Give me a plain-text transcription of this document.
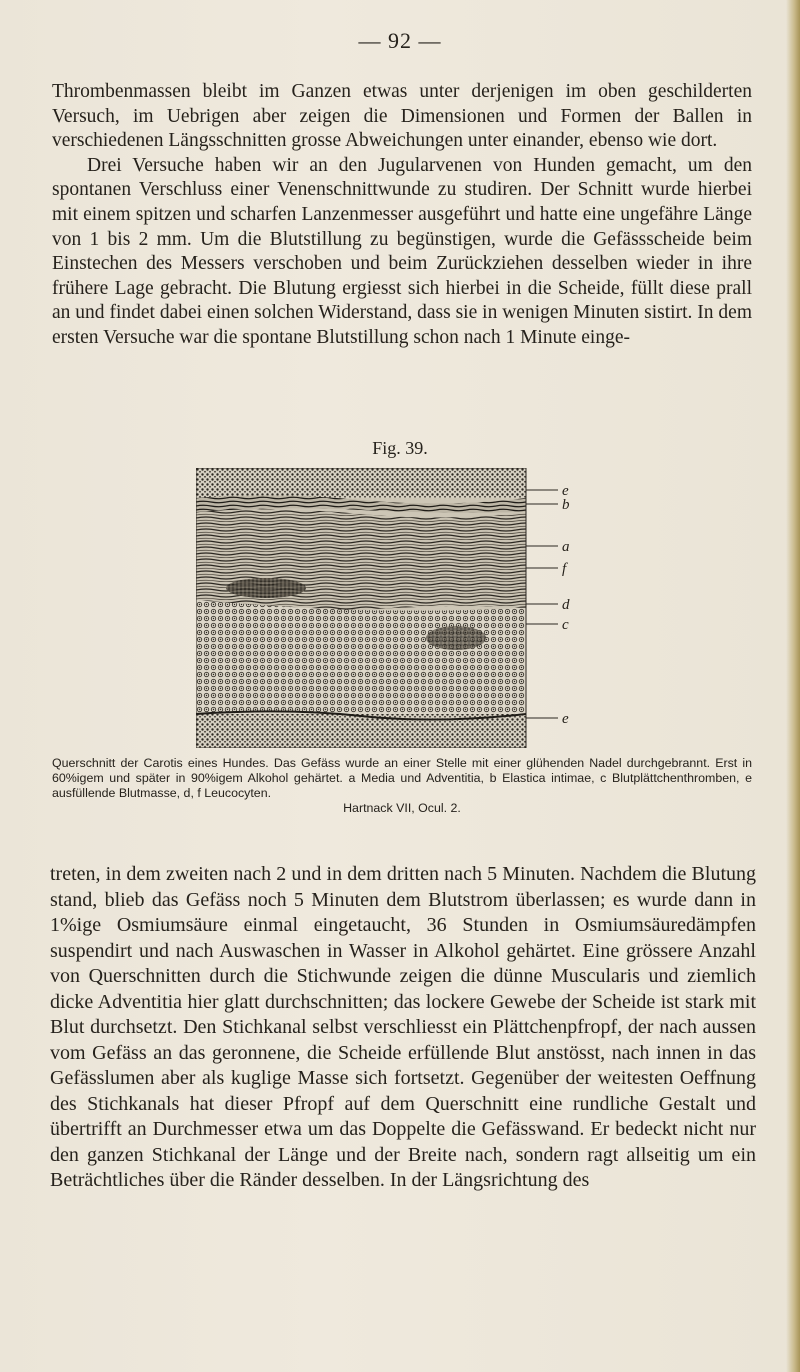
— 92 —

Thrombenmassen bleibt im Ganzen etwas unter derjenigen im oben geschilderten Versuch, im Uebrigen aber zeigen die Dimensionen und Formen der Ballen in verschiedenen Längsschnitten grosse Abweichungen unter einander, ebenso wie dort.

Drei Versuche haben wir an den Jugularvenen von Hunden gemacht, um den spontanen Verschluss einer Venenschnittwunde zu studiren. Der Schnitt wurde hierbei mit einem spitzen und scharfen Lanzenmesser ausgeführt und hatte eine ungefähre Länge von 1 bis 2 mm. Um die Blutstillung zu begünstigen, wurde die Gefässscheide beim Einstechen des Messers verschoben und beim Zurückziehen desselben wieder in ihre frühere Lage gebracht. Die Blutung ergiesst sich hierbei in die Scheide, füllt diese prall an und findet dabei einen solchen Widerstand, dass sie in wenigen Minuten sistirt. In dem ersten Versuche war die spontane Blutstillung schon nach 1 Minute einge-

Fig. 39.
e
b
a
f
d
c
e
Querschnitt der Carotis eines Hundes. Das Gefäss wurde an einer Stelle mit einer glühenden Nadel durchgebrannt. Erst in 60%igem und später in 90%igem Alkohol gehärtet. a Media und Adventitia, b Elastica intimae, c Blutplättchenthromben, e ausfüllende Blutmasse, d, f Leucocyten.
Hartnack VII, Ocul. 2.

treten, in dem zweiten nach 2 und in dem dritten nach 5 Minuten. Nachdem die Blutung stand, blieb das Gefäss noch 5 Minuten dem Blutstrom überlassen; es wurde dann in 1%ige Osmiumsäure einmal eingetaucht, 36 Stunden in Osmiumsäuredämpfen suspendirt und nach Auswaschen in Wasser in Alkohol gehärtet. Eine grössere Anzahl von Querschnitten durch die Stichwunde zeigen die dünne Muscularis und ziemlich dicke Adventitia hier glatt durchschnitten; das lockere Gewebe der Scheide ist stark mit Blut durchsetzt. Den Stichkanal selbst verschliesst ein Plättchenpfropf, der nach aussen vom Gefäss an das geronnene, die Scheide erfüllende Blut anstösst, nach innen in das Gefässlumen aber als kuglige Masse sich fortsetzt. Gegenüber der weitesten Oeffnung des Stichkanals hat dieser Pfropf auf dem Querschnitt eine rundliche Gestalt und übertrifft an Durchmesser etwa um das Doppelte die Gefässwand. Er bedeckt nicht nur den ganzen Stichkanal der Länge und der Breite nach, sondern ragt allseitig um ein Beträchtliches über die Ränder desselben. In der Längsrichtung des
